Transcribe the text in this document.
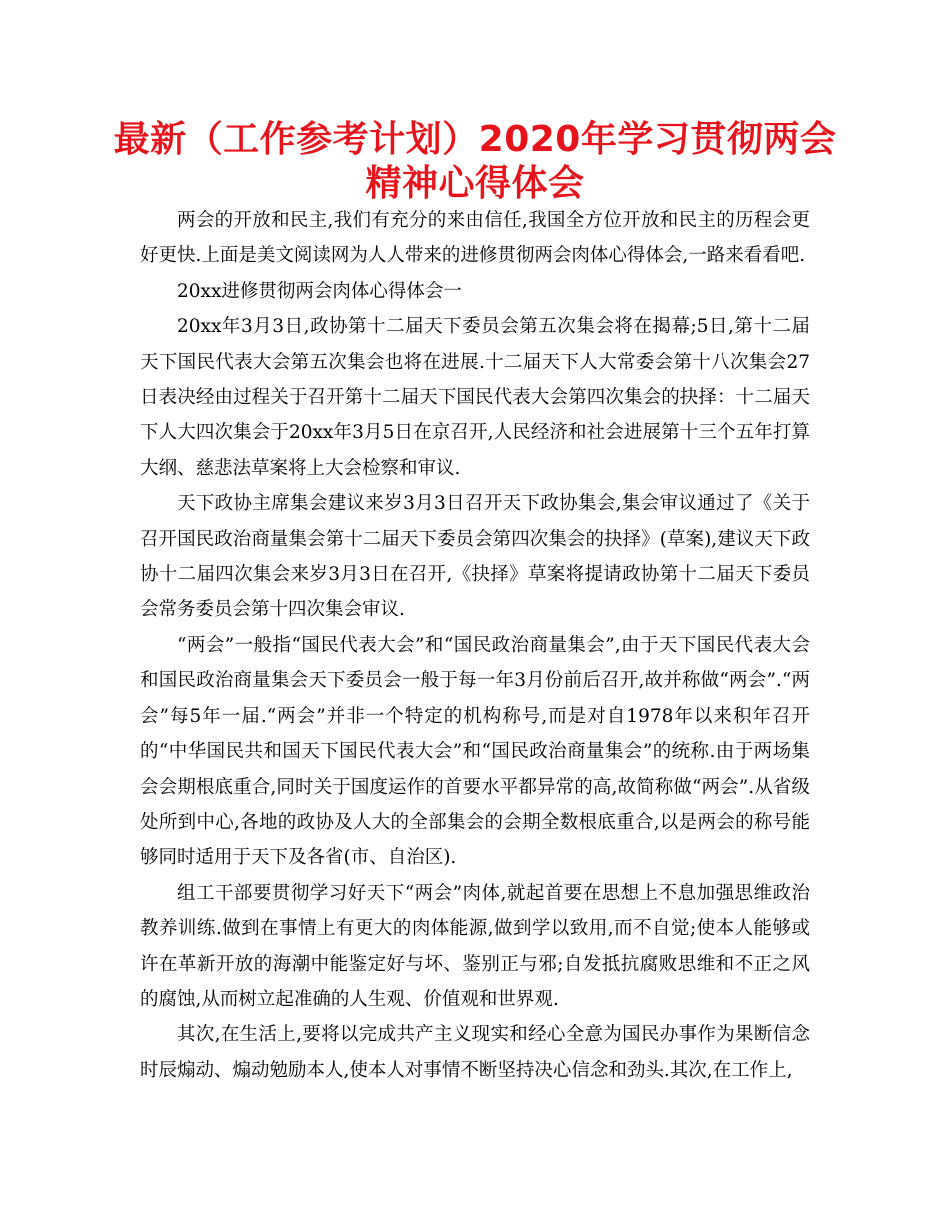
最新（工作参考计划）2020年学习贯彻两会精神心得体会

两会的开放和民主,我们有充分的来由信任,我国全方位开放和民主的历程会更好更快.上面是美文阅读网为人人带来的进修贯彻两会肉体心得体会,一路来看看吧.

20xx进修贯彻两会肉体心得体会一

20xx年3月3日,政协第十二届天下委员会第五次集会将在揭幕;5日,第十二届天下国民代表大会第五次集会也将在进展.十二届天下人大常委会第十八次集会27日表决经由过程关于召开第十二届天下国民代表大会第四次集会的抉择：十二届天下人大四次集会于20xx年3月5日在京召开,人民经济和社会进展第十三个五年打算大纲、慈悲法草案将上大会检察和审议.

天下政协主席集会建议来岁3月3日召开天下政协集会,集会审议通过了《关于召开国民政治商量集会第十二届天下委员会第四次集会的抉择》(草案),建议天下政协十二届四次集会来岁3月3日在召开,《抉择》草案将提请政协第十二届天下委员会常务委员会第十四次集会审议.

“两会”一般指“国民代表大会”和“国民政治商量集会”,由于天下国民代表大会和国民政治商量集会天下委员会一般于每一年3月份前后召开,故并称做“两会”.“两会”每5年一届.“两会”并非一个特定的机构称号,而是对自1978年以来积年召开的“中华国民共和国天下国民代表大会”和“国民政治商量集会”的统称.由于两场集会会期根底重合,同时关于国度运作的首要水平都异常的高,故简称做“两会”.从省级处所到中心,各地的政协及人大的全部集会的会期全数根底重合,以是两会的称号能够同时适用于天下及各省(市、自治区).

组工干部要贯彻学习好天下“两会”肉体,就起首要在思想上不息加强思维政治教养训练.做到在事情上有更大的肉体能源,做到学以致用,而不自觉;使本人能够或许在革新开放的海潮中能鉴定好与坏、鉴别正与邪;自发抵抗腐败思维和不正之风的腐蚀,从而树立起准确的人生观、价值观和世界观.

其次,在生活上,要将以完成共产主义现实和经心全意为国民办事作为果断信念时辰煽动、煽动勉励本人,使本人对事情不断坚持决心信念和劲头.其次,在工作上,
